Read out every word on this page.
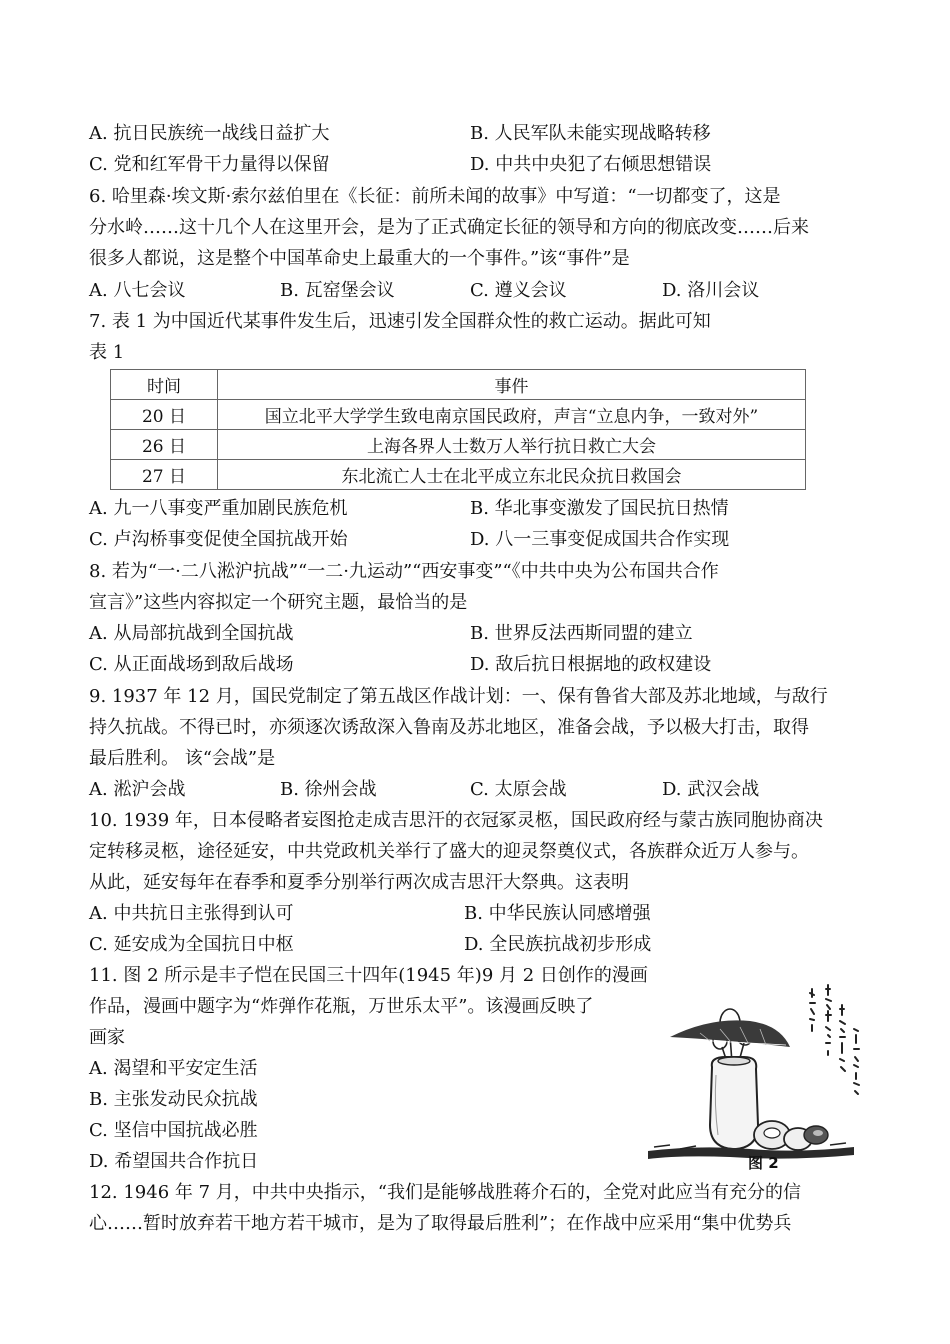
A. 抗日民族统一战线日益扩大	B. 人民军队未能实现战略转移
C. 党和红军骨干力量得以保留	D. 中共中央犯了右倾思想错误
6. 哈里森·埃文斯·索尔兹伯里在《长征：前所未闻的故事》中写道：“一切都变了，这是
分水岭……这十几个人在这里开会，是为了正式确定长征的领导和方向的彻底改变……后来
很多人都说，这是整个中国革命史上最重大的一个事件。”该“事件”是
A. 八七会议	B. 瓦窑堡会议	C. 遵义会议	D. 洛川会议
7. 表 1 为中国近代某事件发生后，迅速引发全国群众性的救亡运动。据此可知
表 1
时间	事件
20 日	国立北平大学学生致电南京国民政府，声言“立息内争，一致对外”
26 日	上海各界人士数万人举行抗日救亡大会
27 日	东北流亡人士在北平成立东北民众抗日救国会
A. 九一八事变严重加剧民族危机	B. 华北事变激发了国民抗日热情
C. 卢沟桥事变促使全国抗战开始	D. 八一三事变促成国共合作实现
8. 若为“一·二八淞沪抗战”“一二·九运动”“西安事变”“《中共中央为公布国共合作
宣言》”这些内容拟定一个研究主题，最恰当的是
A. 从局部抗战到全国抗战	B. 世界反法西斯同盟的建立
C. 从正面战场到敌后战场	D. 敌后抗日根据地的政权建设
9. 1937 年 12 月，国民党制定了第五战区作战计划：一、保有鲁省大部及苏北地域，与敌行
持久抗战。不得已时，亦须逐次诱敌深入鲁南及苏北地区，准备会战，予以极大打击，取得
最后胜利。 该“会战”是
A. 淞沪会战	B. 徐州会战	C. 太原会战	D. 武汉会战
10. 1939 年，日本侵略者妄图抢走成吉思汗的衣冠冢灵柩，国民政府经与蒙古族同胞协商决
定转移灵柩，途径延安，中共党政机关举行了盛大的迎灵祭奠仪式，各族群众近万人参与。
从此，延安每年在春季和夏季分别举行两次成吉思汗大祭典。这表明
A. 中共抗日主张得到认可	B. 中华民族认同感增强
C. 延安成为全国抗日中枢	D. 全民族抗战初步形成
11. 图 2 所示是丰子恺在民国三十四年(1945 年)9 月 2 日创作的漫画
作品，漫画中题字为“炸弹作花瓶，万世乐太平”。该漫画反映了
画家
A. 渴望和平安定生活
B. 主张发动民众抗战
C. 坚信中国抗战必胜
D. 希望国共合作抗日	图 2
12. 1946 年 7 月，中共中央指示，“我们是能够战胜蒋介石的，全党对此应当有充分的信
心……暂时放弃若干地方若干城市，是为了取得最后胜利”；在作战中应采用“集中优势兵
